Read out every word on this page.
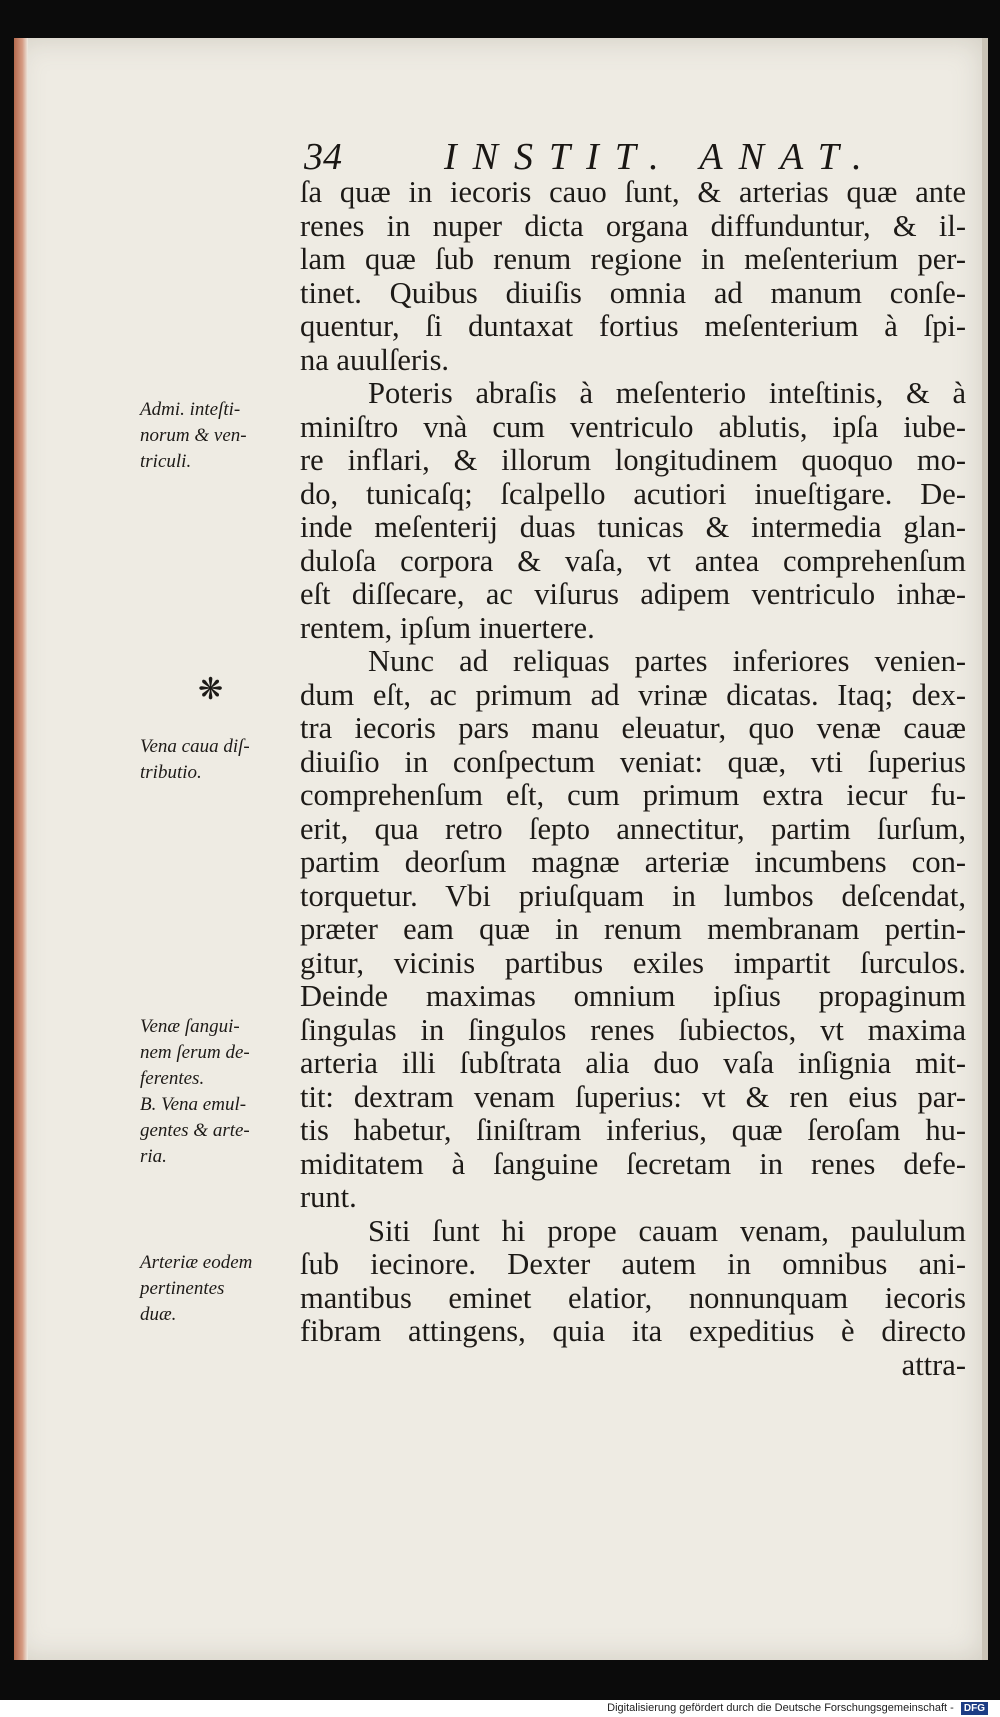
34	INSTIT. ANAT.
ſa quæ in iecoris cauo ſunt, & arterias quæ ante
renes in nuper dicta organa diffunduntur, & il-
lam quæ ſub renum regione in meſenterium per-
tinet. Quibus diuiſis omnia ad manum conſe-
quentur, ſi duntaxat fortius meſenterium à ſpi-
na auulſeris.
Poteris abraſis à meſenterio inteſtinis, & à
miniſtro vnà cum ventriculo ablutis, ipſa iube-
re inflari, & illorum longitudinem quoquo mo-
do, tunicaſq; ſcalpello acutiori inueſtigare. De-
inde meſenterij duas tunicas & intermedia glan-
duloſa corpora & vaſa, vt antea comprehenſum
eſt diſſecare, ac viſurus adipem ventriculo inhæ-
rentem, ipſum inuertere.
Nunc ad reliquas partes inferiores venien-
dum eſt, ac primum ad vrinæ dicatas. Itaq; dex-
tra iecoris pars manu eleuatur, quo venæ cauæ
diuiſio in conſpectum veniat: quæ, vti ſuperius
comprehenſum eſt, cum primum extra iecur fu-
erit, qua retro ſepto annectitur, partim ſurſum,
partim deorſum magnæ arteriæ incumbens con-
torquetur. Vbi priuſquam in lumbos deſcendat,
præter eam quæ in renum membranam pertin-
gitur, vicinis partibus exiles impartit ſurculos.
Deinde maximas omnium ipſius propaginum
ſingulas in ſingulos renes ſubiectos, vt maxima
arteria illi ſubſtrata alia duo vaſa inſignia mit-
tit: dextram venam ſuperius: vt & ren eius par-
tis habetur, ſiniſtram inferius, quæ ſeroſam hu-
miditatem à ſanguine ſecretam in renes defe-
runt.
Siti ſunt hi prope cauam venam, paululum
ſub iecinore. Dexter autem in omnibus ani-
mantibus eminet elatior, nonnunquam iecoris
fibram attingens, quia ita expeditius è directo
attra-
Admi. inteſti-
norum & ven-
triculi.
❋
Vena caua diſ-
tributio.
Venæ ſangui-
nem ſerum de-
ferentes.
B. Vena emul-
gentes & arte-
ria.
Arteriæ eodem
pertinentes
duæ.
Digitalisierung gefördert durch die Deutsche Forschungsgemeinschaft - DFG
